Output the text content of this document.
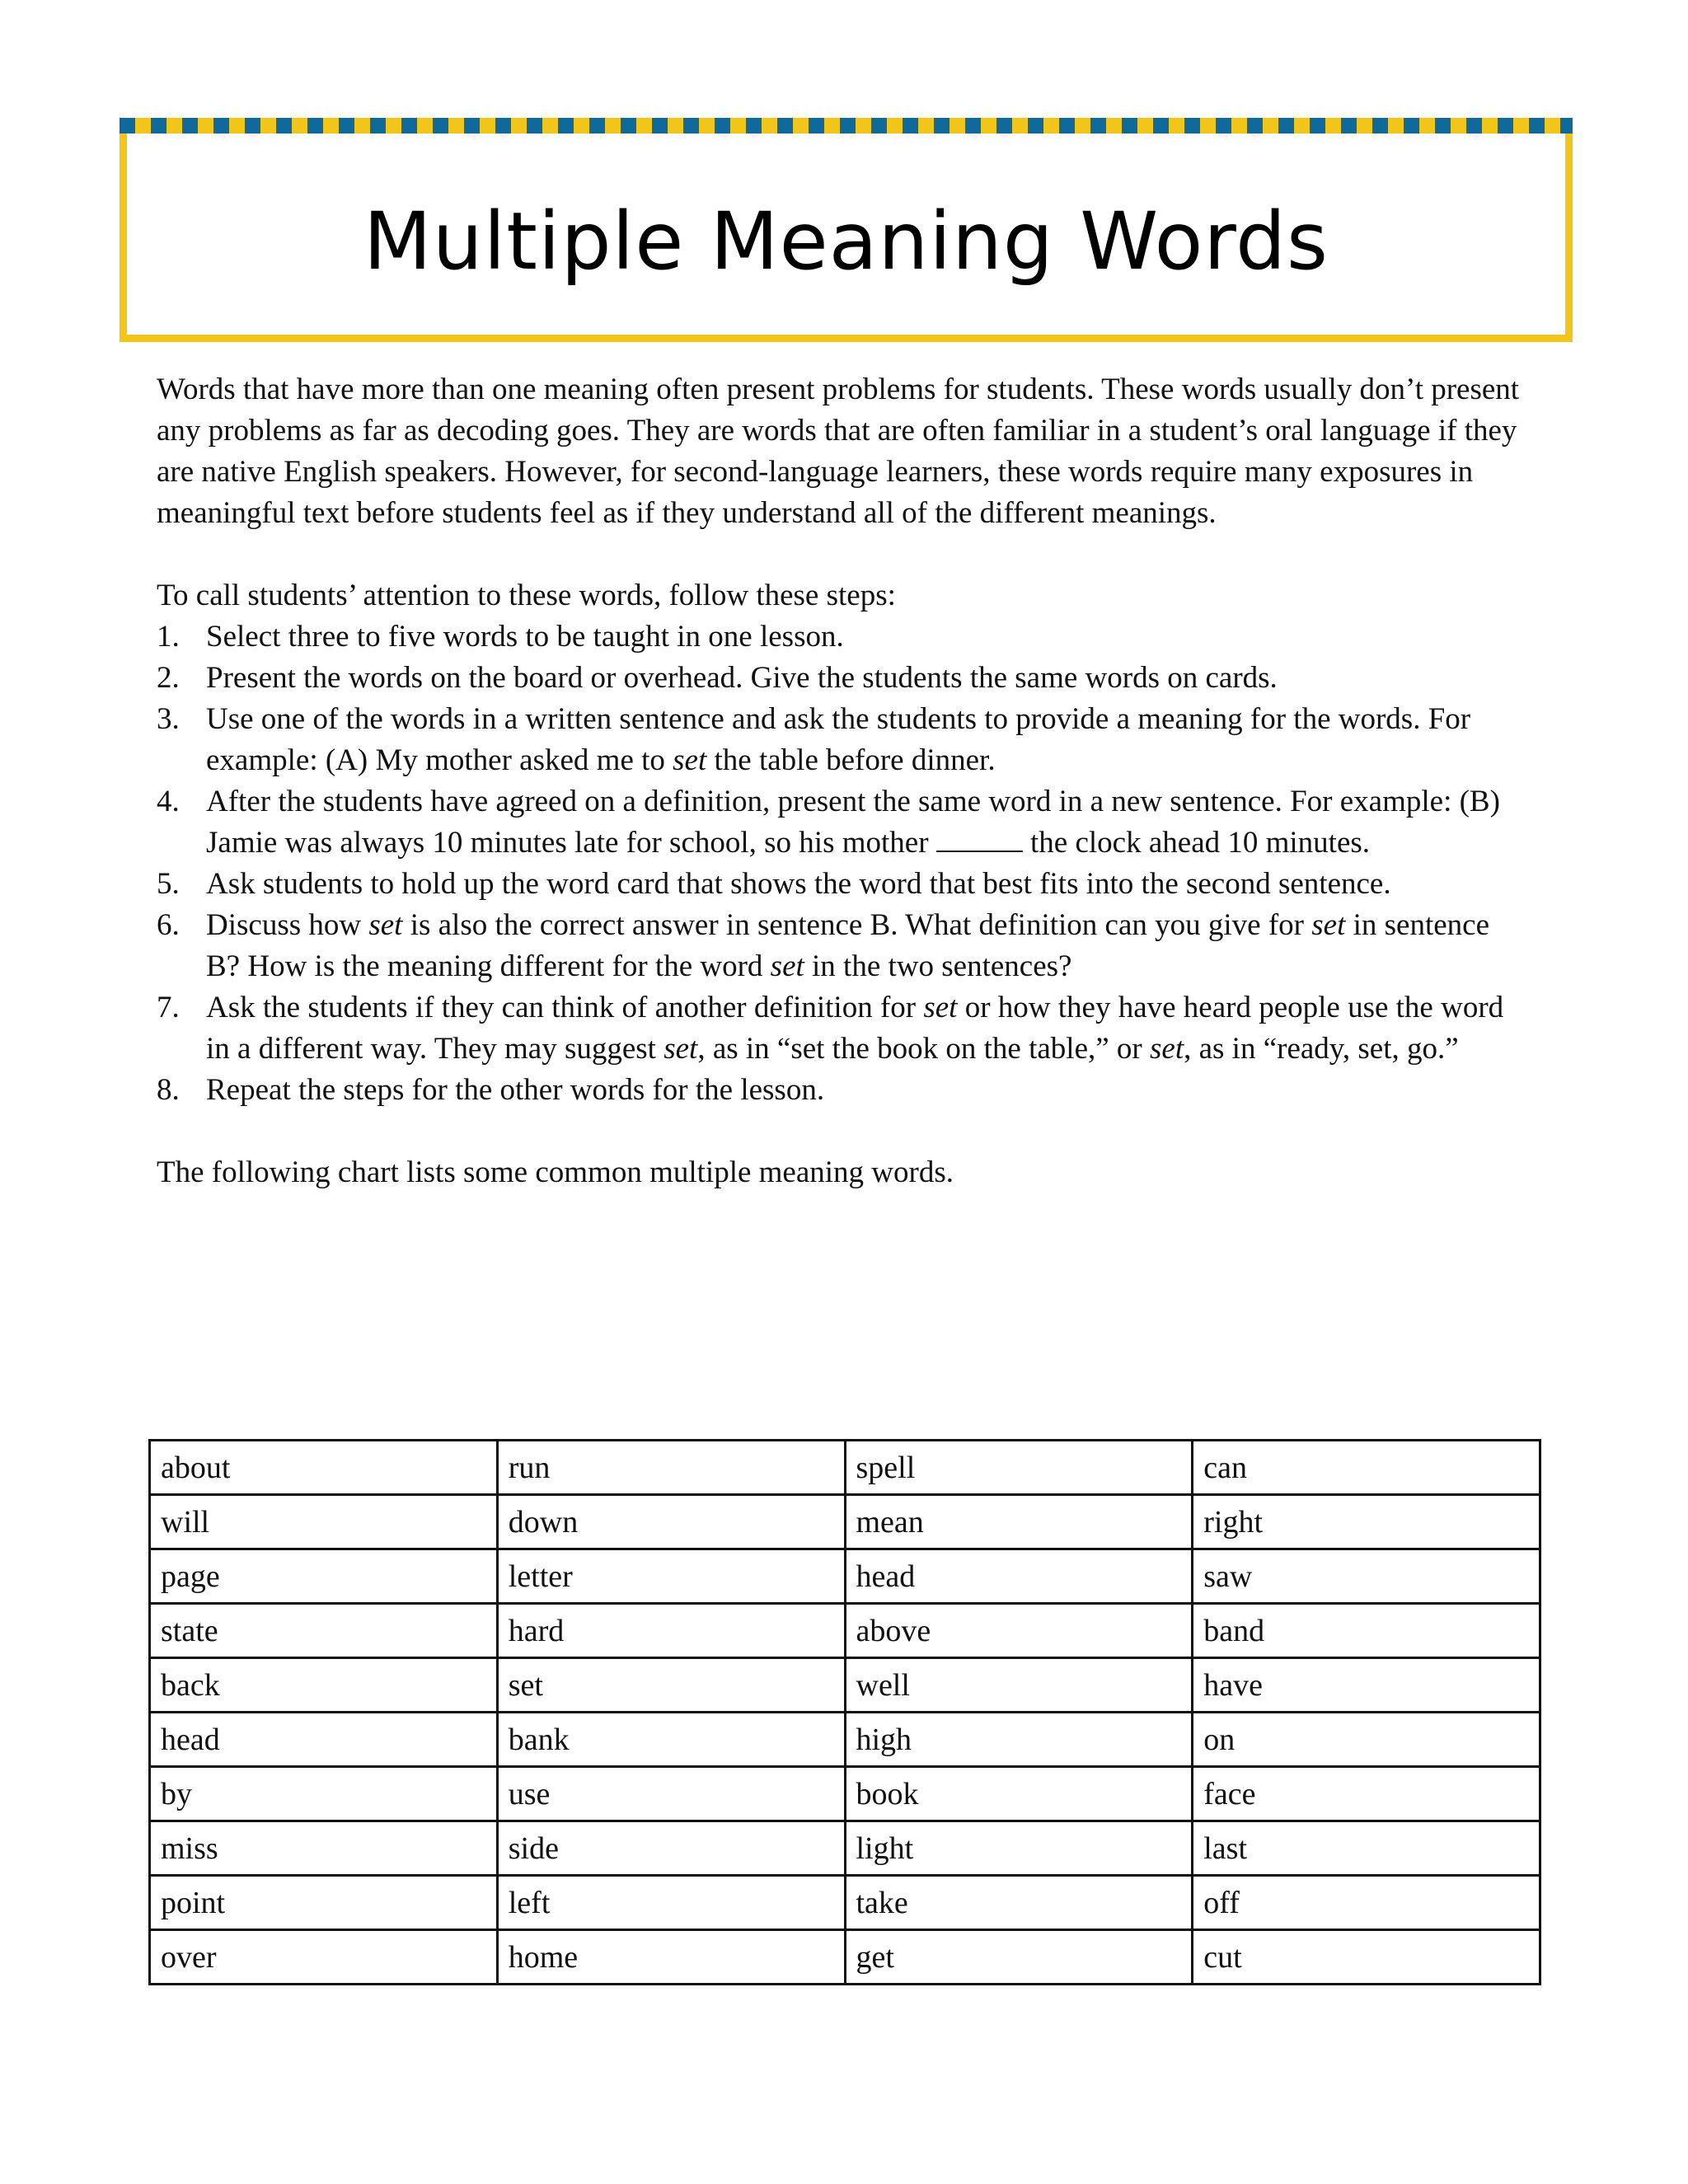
Multiple Meaning Words

Words that have more than one meaning often present problems for students. These words usually don’t present any problems as far as decoding goes. They are words that are often familiar in a student’s oral language if they are native English speakers. However, for second-language learners, these words require many exposures in meaningful text before students feel as if they understand all of the different meanings.

To call students’ attention to these words, follow these steps:

1. Select three to five words to be taught in one lesson.
2. Present the words on the board or overhead. Give the students the same words on cards.
3. Use one of the words in a written sentence and ask the students to provide a meaning for the words. For example: (A) My mother asked me to set the table before dinner.
4. After the students have agreed on a definition, present the same word in a new sentence. For example: (B) Jamie was always 10 minutes late for school, so his mother	the clock ahead 10 minutes.
5. Ask students to hold up the word card that shows the word that best fits into the second sentence.
6. Discuss how set is also the correct answer in sentence B. What definition can you give for set in sentence B? How is the meaning different for the word set in the two sentences?
7. Ask the students if they can think of another definition for set or how they have heard people use the word in a different way. They may suggest set, as in “set the book on the table,” or set, as in “ready, set, go.”
8. Repeat the steps for the other words for the lesson.

The following chart lists some common multiple meaning words.

about	run	spell	can
will	down	mean	right
page	letter	head	saw
state	hard	above	band
back	set	well	have
head	bank	high	on
by	use	book	face
miss	side	light	last
point	left	take	off
over	home	get	cut
